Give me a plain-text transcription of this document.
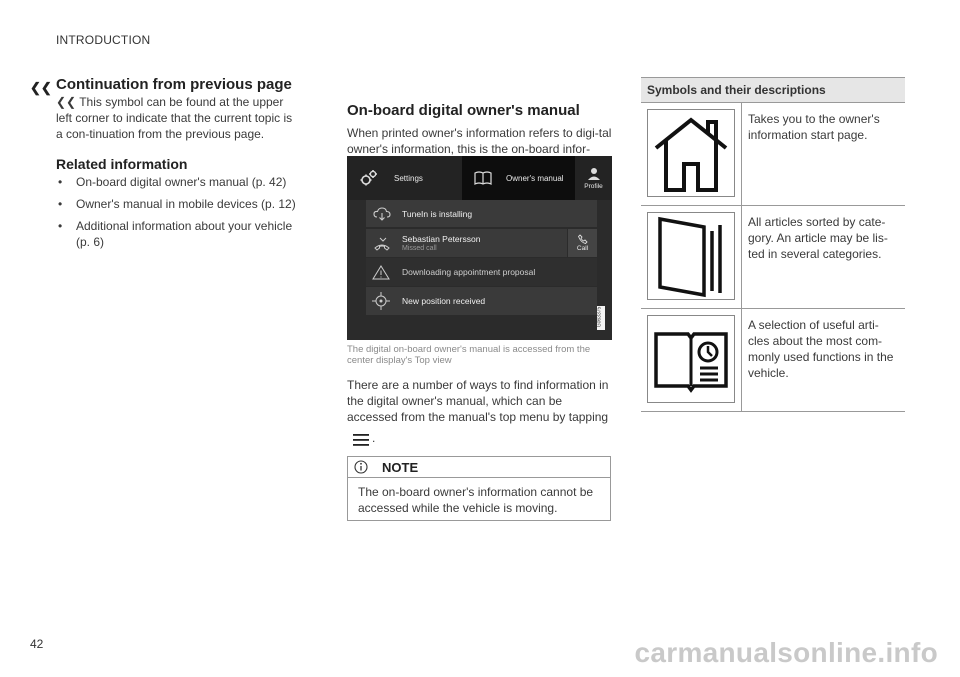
INTRODUCTION
❮❮ Continuation from previous page
❮❮ This symbol can be found at the upper left corner to indicate that the current topic is a con-tinuation from the previous page.
Related information
• On-board digital owner's manual (p. 42)
• Owner's manual in mobile devices (p. 12)
• Additional information about your vehicle (p. 6)
On-board digital owner's manual
When printed owner's information refers to digi-tal owner's information, this is the on-board infor-
Settings	Owner's manual
Profile
TuneIn is installing
Sebastian Petersson
Missed call	Call
Downloading appointment proposal
New position received
G063375
The digital on-board owner's manual is accessed from the center display's Top view
There are a number of ways to find information in the digital owner's manual, which can be accessed from the manual's top menu by tapping
.
NOTE
The on-board owner's information cannot be accessed while the vehicle is moving.
Symbols and their descriptions
Takes you to the owner's information start page.
All articles sorted by cate-gory. An article may be lis-ted in several categories.
A selection of useful arti-cles about the most com-monly used functions in the vehicle.
42	carmanualsonline.info
